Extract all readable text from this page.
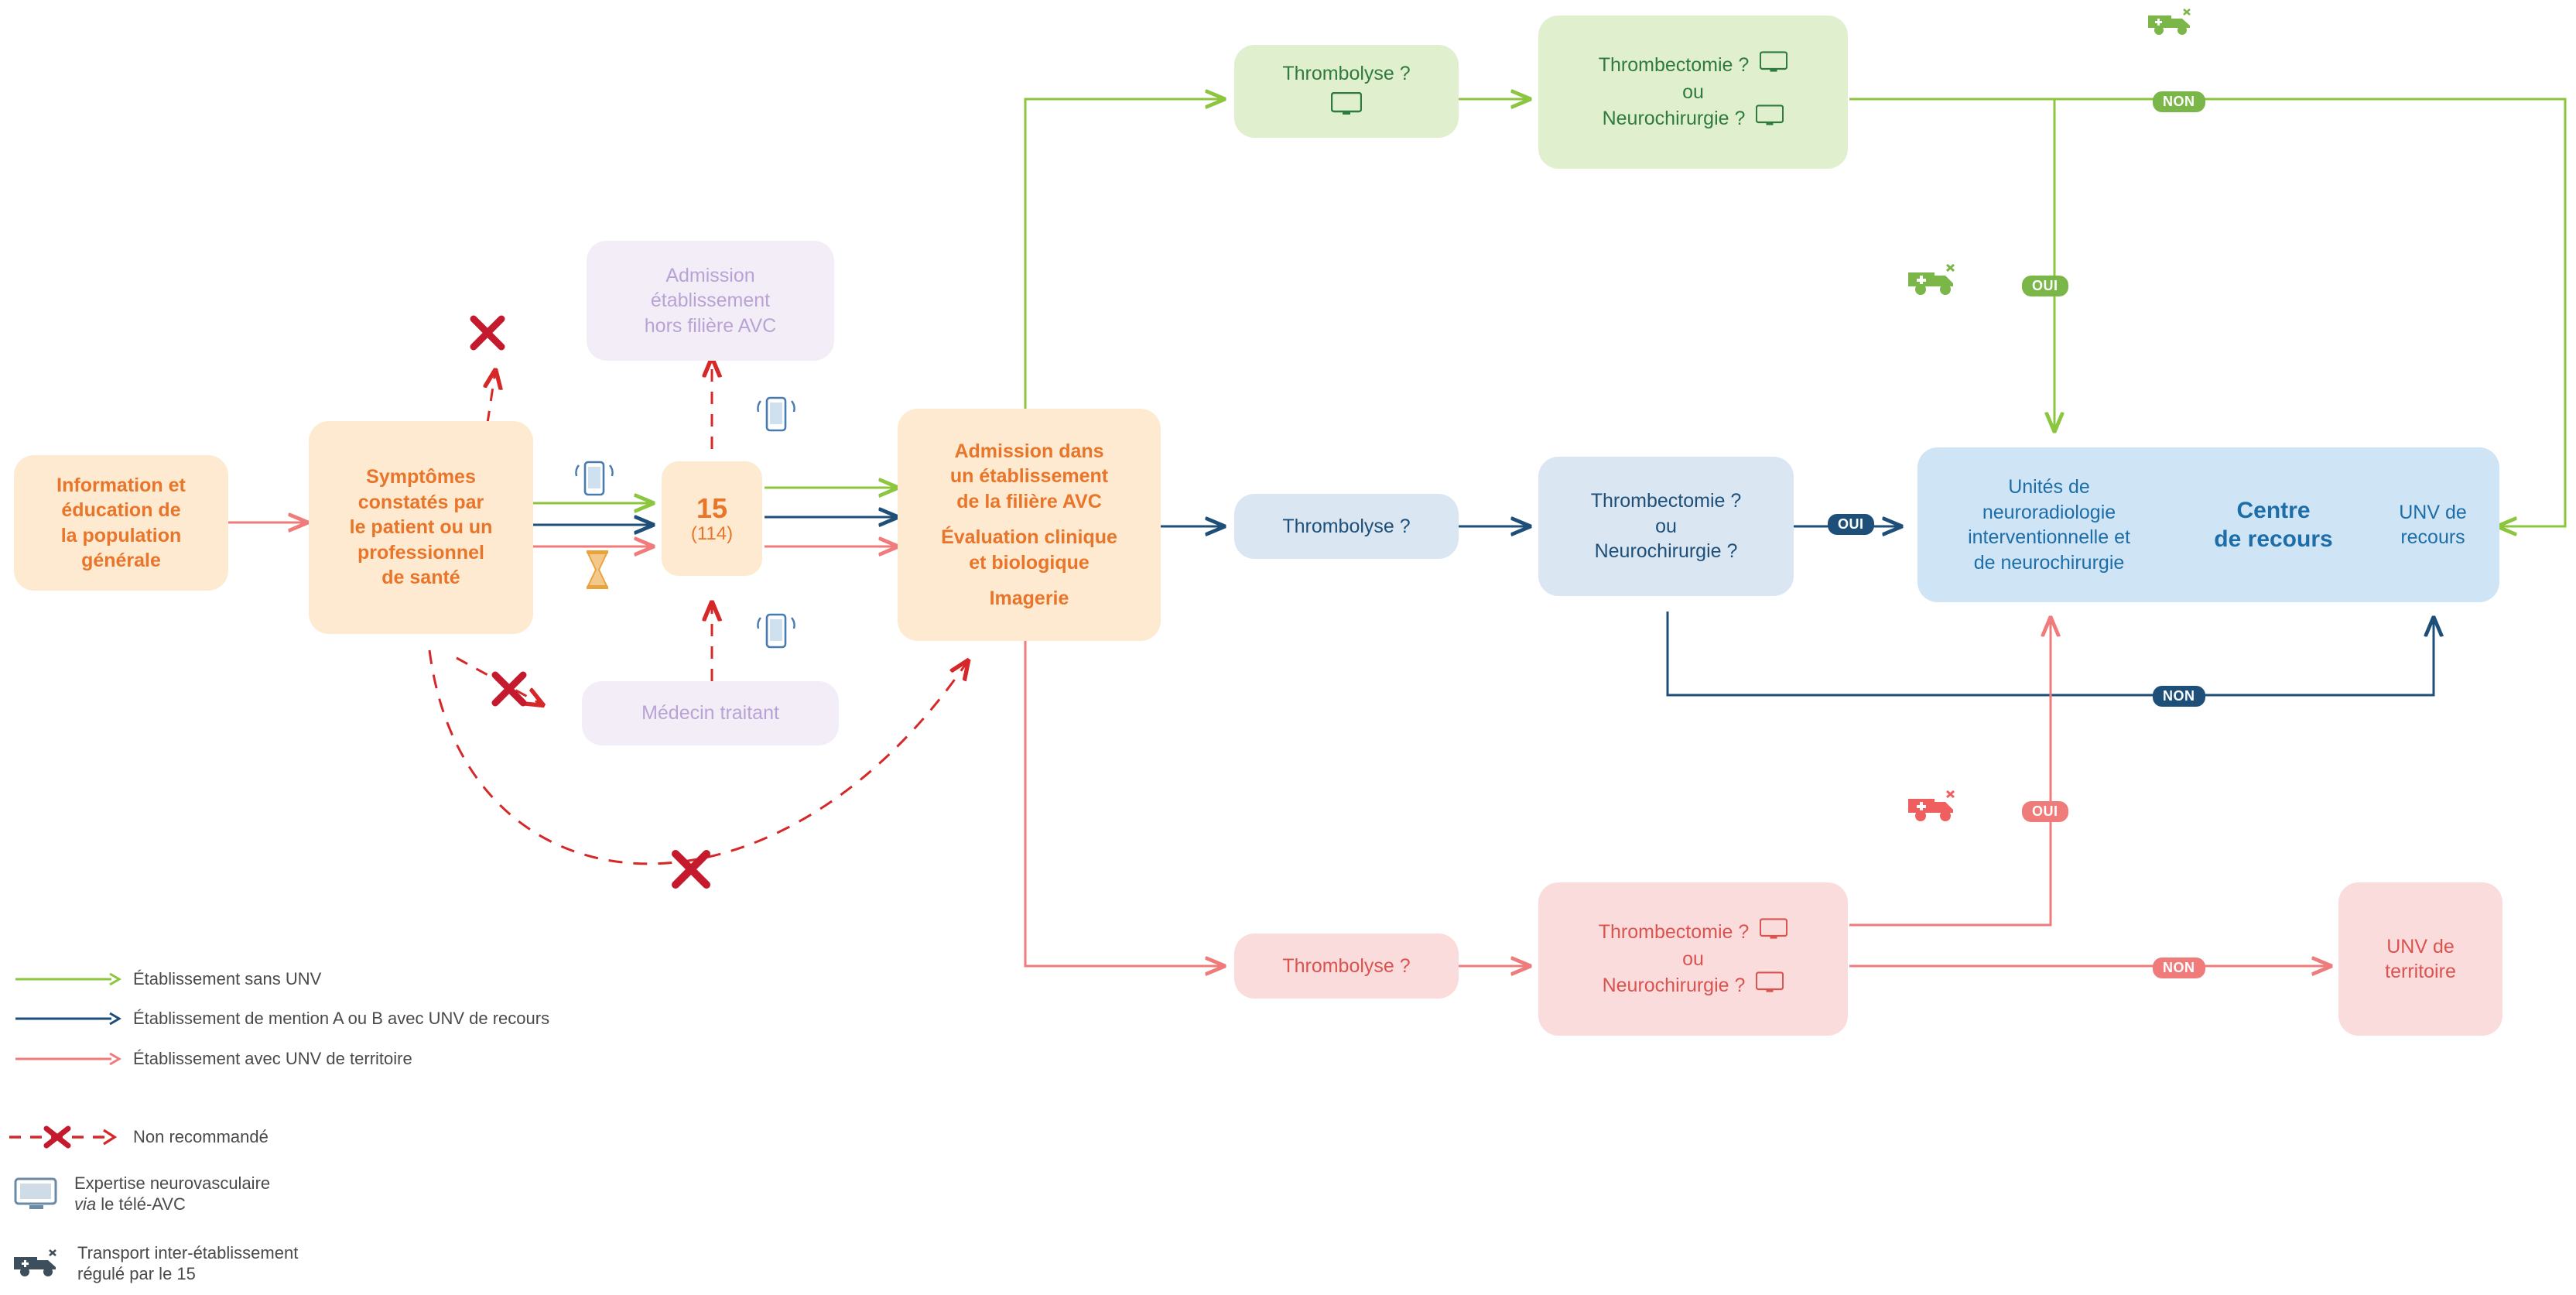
Information et
éducation de
la population
générale
Symptômes
constatés par
le patient ou un
professionnel
de santé
Admission
établissement
hors filière AVC
Médecin traitant
15
(114)
Admission dans
un établissement
de la filière AVC
Évaluation clinique
et biologique
Imagerie
Thrombolyse ?	Thrombectomie ?
ou
Neurochirurgie ?
Thrombolyse ?
Thrombectomie ?
ou
Neurochirurgie ?
Unités de
neuroradiologie
interventionnelle et
de neurochirurgie
Centre
de recours
UNV de
recours
Thrombolyse ?
Thrombectomie ?
ou
Neurochirurgie ?
UNV de
territoire
NON
OUI
OUI
NON
OUI
NON
Établissement sans UNV
Établissement de mention A ou B avec UNV de recours
Établissement avec UNV de territoire
Non recommandé
Expertise neurovasculaire
via le télé-AVC
Transport inter-établissement
régulé par le 15
